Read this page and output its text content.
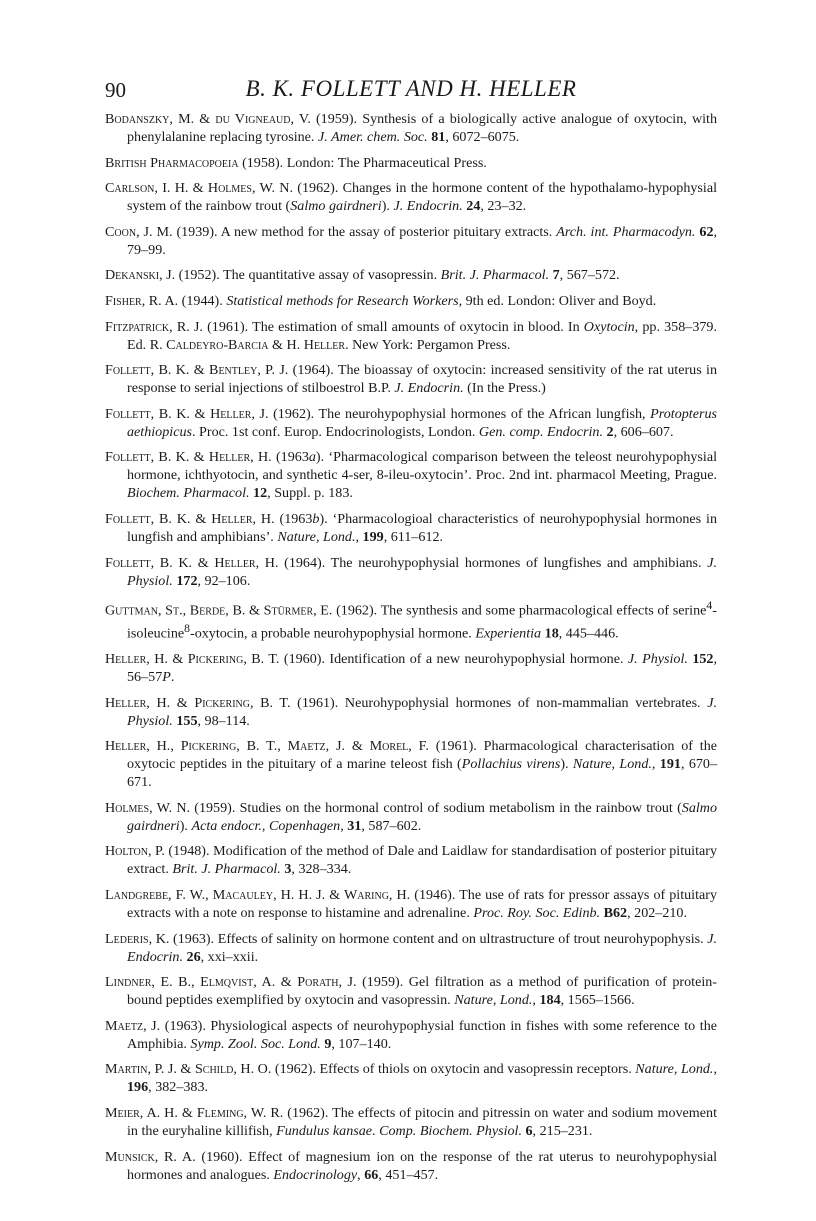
90	B. K. FOLLETT AND H. HELLER

Bodanszky, M. & du Vigneaud, V. (1959). Synthesis of a biologically active analogue of oxytocin, with phenylalanine replacing tyrosine. J. Amer. chem. Soc. 81, 6072–6075.

British Pharmacopoeia (1958). London: The Pharmaceutical Press.

Carlson, I. H. & Holmes, W. N. (1962). Changes in the hormone content of the hypothalamo-hypophysial system of the rainbow trout (Salmo gairdneri). J. Endocrin. 24, 23–32.

Coon, J. M. (1939). A new method for the assay of posterior pituitary extracts. Arch. int. Pharmacodyn. 62, 79–99.

Dekanski, J. (1952). The quantitative assay of vasopressin. Brit. J. Pharmacol. 7, 567–572.

Fisher, R. A. (1944). Statistical methods for Research Workers, 9th ed. London: Oliver and Boyd.

Fitzpatrick, R. J. (1961). The estimation of small amounts of oxytocin in blood. In Oxytocin, pp. 358–379. Ed. R. Caldeyro-Barcia & H. Heller. New York: Pergamon Press.

Follett, B. K. & Bentley, P. J. (1964). The bioassay of oxytocin: increased sensitivity of the rat uterus in response to serial injections of stilboestrol B.P. J. Endocrin. (In the Press.)

Follett, B. K. & Heller, J. (1962). The neurohypophysial hormones of the African lungfish, Protopterus aethiopicus. Proc. 1st conf. Europ. Endocrinologists, London. Gen. comp. Endocrin. 2, 606–607.

Follett, B. K. & Heller, H. (1963a). ‘Pharmacological comparison between the teleost neurohypophysial hormone, ichthyotocin, and synthetic 4-ser, 8-ileu-oxytocin’. Proc. 2nd int. pharmacol Meeting, Prague. Biochem. Pharmacol. 12, Suppl. p. 183.

Follett, B. K. & Heller, H. (1963b). ‘Pharmacologioal characteristics of neurohypophysial hormones in lungfish and amphibians’. Nature, Lond., 199, 611–612.

Follett, B. K. & Heller, H. (1964). The neurohypophysial hormones of lungfishes and amphibians. J. Physiol. 172, 92–106.

Guttman, St., Berde, B. & Stürmer, E. (1962). The synthesis and some pharmacological effects of serine$^4$-isoleucine$^8$-oxytocin, a probable neurohypophysial hormone. Experientia 18, 445–446.

Heller, H. & Pickering, B. T. (1960). Identification of a new neurohypophysial hormone. J. Physiol. 152, 56–57P.

Heller, H. & Pickering, B. T. (1961). Neurohypophysial hormones of non-mammalian vertebrates. J. Physiol. 155, 98–114.

Heller, H., Pickering, B. T., Maetz, J. & Morel, F. (1961). Pharmacological characterisation of the oxytocic peptides in the pituitary of a marine teleost fish (Pollachius virens). Nature, Lond., 191, 670–671.

Holmes, W. N. (1959). Studies on the hormonal control of sodium metabolism in the rainbow trout (Salmo gairdneri). Acta endocr., Copenhagen, 31, 587–602.

Holton, P. (1948). Modification of the method of Dale and Laidlaw for standardisation of posterior pituitary extract. Brit. J. Pharmacol. 3, 328–334.

Landgrebe, F. W., Macauley, H. H. J. & Waring, H. (1946). The use of rats for pressor assays of pituitary extracts with a note on response to histamine and adrenaline. Proc. Roy. Soc. Edinb. B62, 202–210.

Lederis, K. (1963). Effects of salinity on hormone content and on ultrastructure of trout neurohypophysis. J. Endocrin. 26, xxi–xxii.

Lindner, E. B., Elmqvist, A. & Porath, J. (1959). Gel filtration as a method of purification of protein-bound peptides exemplified by oxytocin and vasopressin. Nature, Lond., 184, 1565–1566.

Maetz, J. (1963). Physiological aspects of neurohypophysial function in fishes with some reference to the Amphibia. Symp. Zool. Soc. Lond. 9, 107–140.

Martin, P. J. & Schild, H. O. (1962). Effects of thiols on oxytocin and vasopressin receptors. Nature, Lond., 196, 382–383.

Meier, A. H. & Fleming, W. R. (1962). The effects of pitocin and pitressin on water and sodium movement in the euryhaline killifish, Fundulus kansae. Comp. Biochem. Physiol. 6, 215–231.

Munsick, R. A. (1960). Effect of magnesium ion on the response of the rat uterus to neurohypophysial hormones and analogues. Endocrinology, 66, 451–457.
